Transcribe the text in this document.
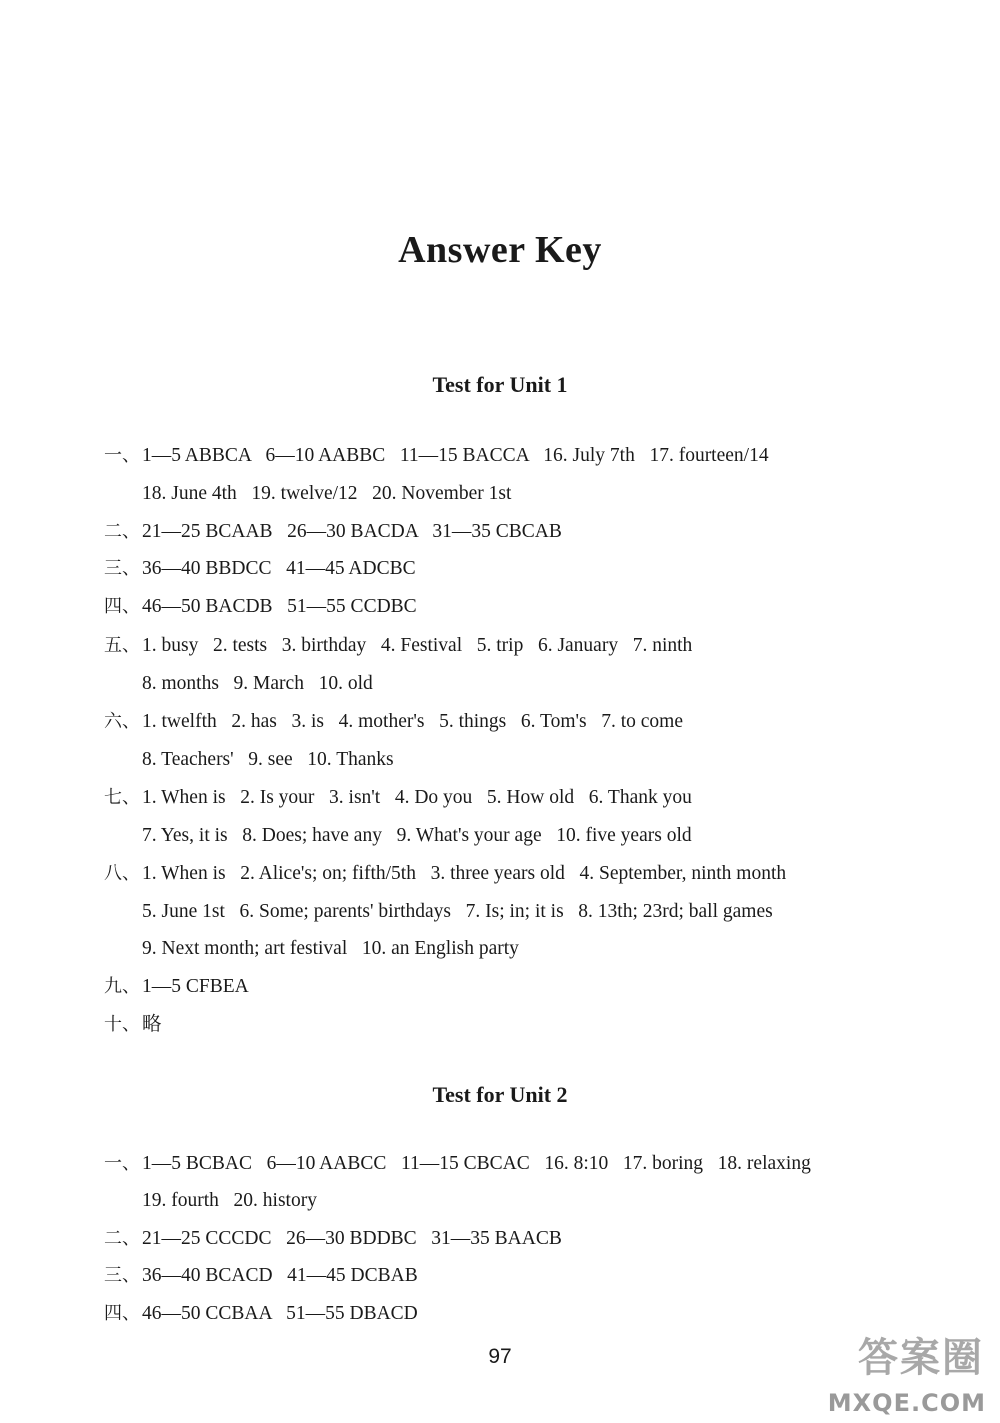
Answer Key
Test for Unit 1
一、 1—5 ABBCA   6—10 AABBC   11—15 BACCA   16. July 7th   17. fourteen/14
18. June 4th   19. twelve/12   20. November 1st
二、 21—25 BCAAB   26—30 BACDA   31—35 CBCAB
三、 36—40 BBDCC   41—45 ADCBC
四、 46—50 BACDB   51—55 CCDBC
五、 1. busy   2. tests   3. birthday   4. Festival   5. trip   6. January   7. ninth
8. months   9. March   10. old
六、 1. twelfth   2. has   3. is   4. mother's   5. things   6. Tom's   7. to come
8. Teachers'   9. see   10. Thanks
七、 1. When is   2. Is your   3. isn't   4. Do you   5. How old   6. Thank you
7. Yes, it is   8. Does; have any   9. What's your age   10. five years old
八、 1. When is   2. Alice's; on; fifth/5th   3. three years old   4. September, ninth month
5. June 1st   6. Some; parents' birthdays   7. Is; in; it is   8. 13th; 23rd; ball games
9. Next month; art festival   10. an English party
九、 1—5 CFBEA
十、 略
Test for Unit 2
一、 1—5 BCBAC   6—10 AABCC   11—15 CBCAC   16. 8:10   17. boring   18. relaxing
19. fourth   20. history
二、 21—25 CCCDC   26—30 BDDBC   31—35 BAACB
三、 36—40 BCACD   41—45 DCBAB
四、 46—50 CCBAA   51—55 DBACD
97	答案圈
MXQE.COM
